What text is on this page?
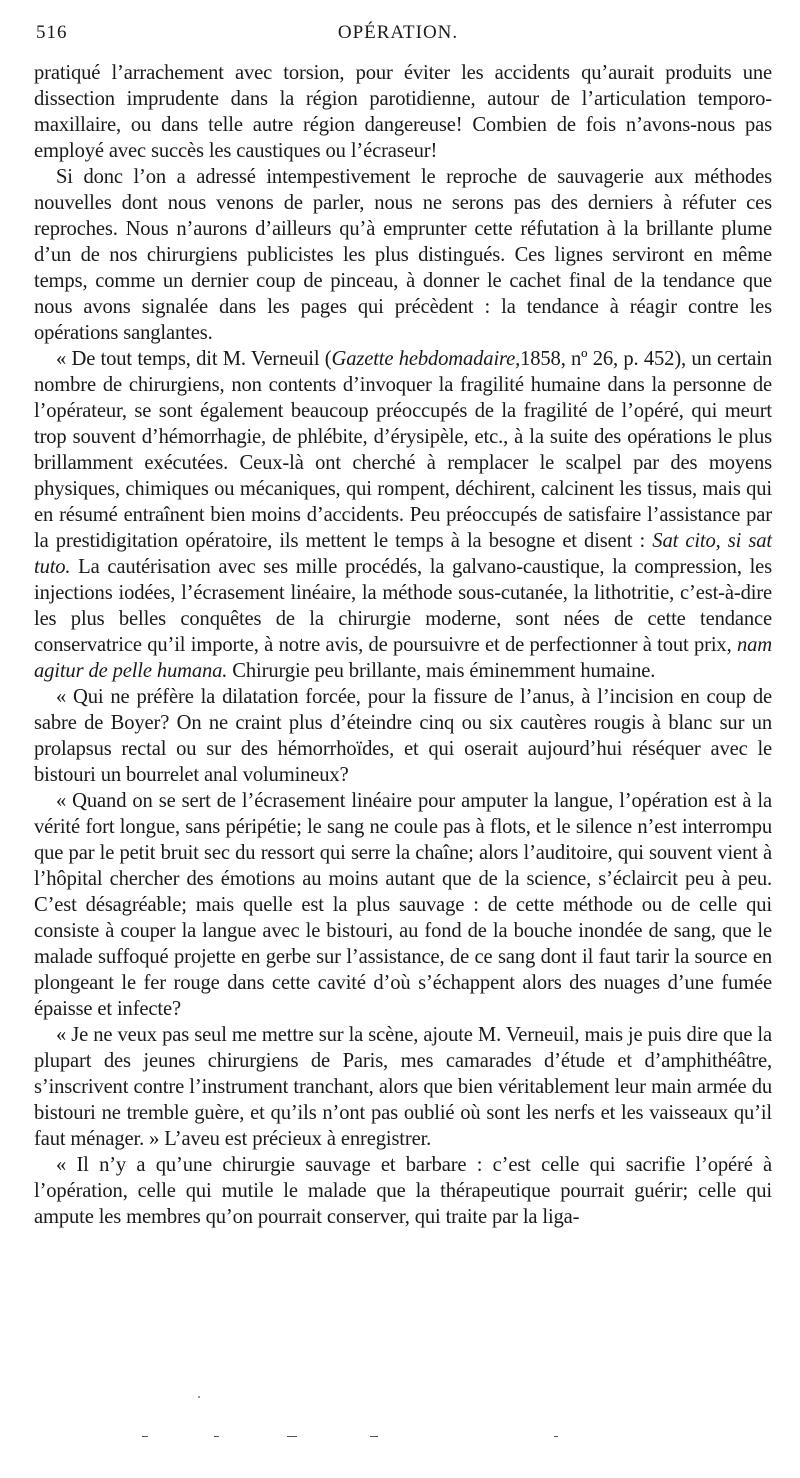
516	OPÉRATION.

pratiqué l’arrachement avec torsion, pour éviter les accidents qu’aurait produits une dissection imprudente dans la région parotidienne, autour de l’articulation temporo-maxillaire, ou dans telle autre région dangereuse! Combien de fois n’avons-nous pas employé avec succès les caustiques ou l’écraseur!

Si donc l’on a adressé intempestivement le reproche de sauvagerie aux méthodes nouvelles dont nous venons de parler, nous ne serons pas des derniers à réfuter ces reproches. Nous n’aurons d’ailleurs qu’à emprunter cette réfutation à la brillante plume d’un de nos chirurgiens publicistes les plus distingués. Ces lignes serviront en même temps, comme un dernier coup de pinceau, à donner le cachet final de la tendance que nous avons signalée dans les pages qui précèdent : la tendance à réagir contre les opérations sanglantes.

« De tout temps, dit M. Verneuil (Gazette hebdomadaire,1858, nº 26, p. 452), un certain nombre de chirurgiens, non contents d’invoquer la fragilité humaine dans la personne de l’opérateur, se sont également beaucoup préoccupés de la fragilité de l’opéré, qui meurt trop souvent d’hémorrhagie, de phlébite, d’érysipèle, etc., à la suite des opérations le plus brillamment exécutées. Ceux-là ont cherché à remplacer le scalpel par des moyens physiques, chimiques ou mécaniques, qui rompent, déchirent, calcinent les tissus, mais qui en résumé entraînent bien moins d’accidents. Peu préoccupés de satisfaire l’assistance par la prestidigitation opératoire, ils mettent le temps à la besogne et disent : Sat cito, si sat tuto. La cautérisation avec ses mille procédés, la galvano-caustique, la compression, les injections iodées, l’écrasement linéaire, la méthode sous-cutanée, la lithotritie, c’est-à-dire les plus belles conquêtes de la chirurgie moderne, sont nées de cette tendance conservatrice qu’il importe, à notre avis, de poursuivre et de perfectionner à tout prix, nam agitur de pelle humana. Chirurgie peu brillante, mais éminemment humaine.

« Qui ne préfère la dilatation forcée, pour la fissure de l’anus, à l’incision en coup de sabre de Boyer? On ne craint plus d’éteindre cinq ou six cautères rougis à blanc sur un prolapsus rectal ou sur des hémorrhoïdes, et qui oserait aujourd’hui réséquer avec le bistouri un bourrelet anal volumineux?

« Quand on se sert de l’écrasement linéaire pour amputer la langue, l’opération est à la vérité fort longue, sans péripétie; le sang ne coule pas à flots, et le silence n’est interrompu que par le petit bruit sec du ressort qui serre la chaîne; alors l’auditoire, qui souvent vient à l’hôpital chercher des émotions au moins autant que de la science, s’éclaircit peu à peu. C’est désagréable; mais quelle est la plus sauvage : de cette méthode ou de celle qui consiste à couper la langue avec le bistouri, au fond de la bouche inondée de sang, que le malade suffoqué projette en gerbe sur l’assistance, de ce sang dont il faut tarir la source en plongeant le fer rouge dans cette cavité d’où s’échappent alors des nuages d’une fumée épaisse et infecte?

« Je ne veux pas seul me mettre sur la scène, ajoute M. Verneuil, mais je puis dire que la plupart des jeunes chirurgiens de Paris, mes camarades d’étude et d’amphithéâtre, s’inscrivent contre l’instrument tranchant, alors que bien véritablement leur main armée du bistouri ne tremble guère, et qu’ils n’ont pas oublié où sont les nerfs et les vaisseaux qu’il faut ménager. » L’aveu est précieux à enregistrer.

« Il n’y a qu’une chirurgie sauvage et barbare : c’est celle qui sacrifie l’opéré à l’opération, celle qui mutile le malade que la thérapeutique pourrait guérir; celle qui ampute les membres qu’on pourrait conserver, qui traite par la liga-
